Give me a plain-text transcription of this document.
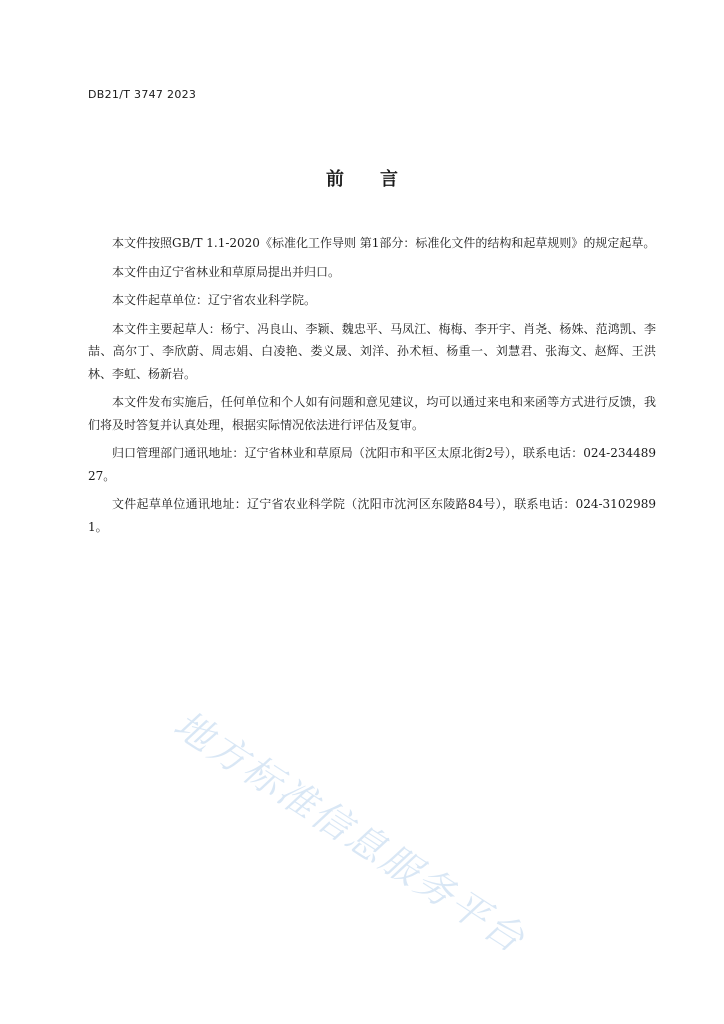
DB21/T 3747 2023
前 言

本文件按照GB/T 1.1-2020《标准化工作导则 第1部分：标准化文件的结构和起草规则》的规定起草。

本文件由辽宁省林业和草原局提出并归口。

本文件起草单位：辽宁省农业科学院。

本文件主要起草人：杨宁、冯良山、李颖、魏忠平、马凤江、梅梅、李开宇、肖尧、杨姝、范鸿凯、李喆、高尔丁、李欣蔚、周志娟、白凌艳、娄义晟、刘洋、孙术桓、杨重一、刘慧君、张海文、赵辉、王洪林、李虹、杨新岩。

本文件发布实施后，任何单位和个人如有问题和意见建议，均可以通过来电和来函等方式进行反馈，我们将及时答复并认真处理，根据实际情况依法进行评估及复审。

归口管理部门通讯地址：辽宁省林业和草原局（沈阳市和平区太原北街2号），联系电话：024-23448927。

文件起草单位通讯地址：辽宁省农业科学院（沈阳市沈河区东陵路84号），联系电话：024-31029891。

地方标准信息服务平台
